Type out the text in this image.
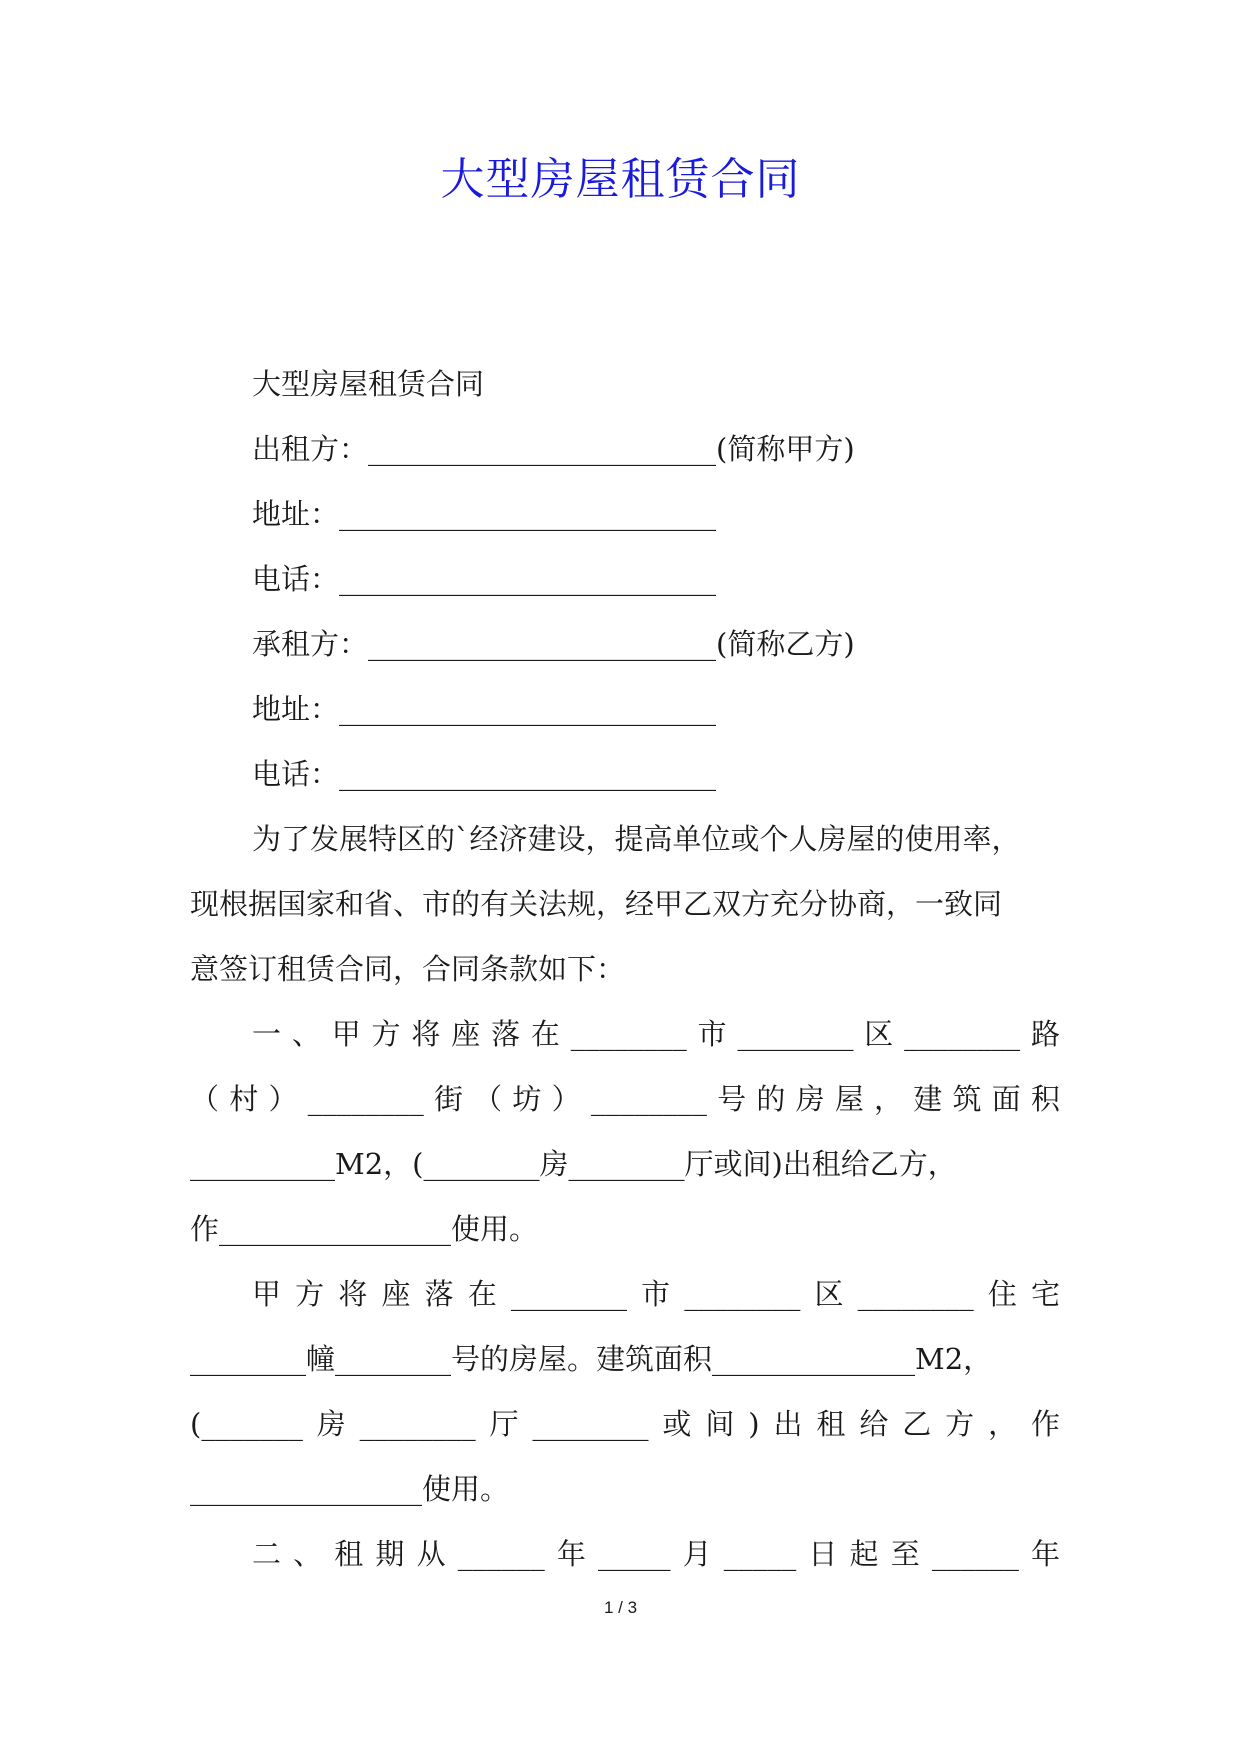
大型房屋租赁合同
大型房屋租赁合同
出租方：________________________(简称甲方)
地址：__________________________
电话：__________________________
承租方：________________________(简称乙方)
地址：__________________________
电话：__________________________
为了发展特区的`经济建设，提高单位或个人房屋的使用率，
现根据国家和省、市的有关法规，经甲乙双方充分协商，一致同
意签订租赁合同，合同条款如下：
一、甲方将座落在________市________区________路
（村）________街（坊）________号的房屋，建筑面积
__________M2，(________房________厅或间)出租给乙方，
作________________使用。
甲方将座落在________市________区________住宅
________幢________号的房屋。建筑面积______________M2，
(_______房________厅________或间)出租给乙方，作
________________使用。
二、租期从______年_____月_____日起至______年
1 / 3
